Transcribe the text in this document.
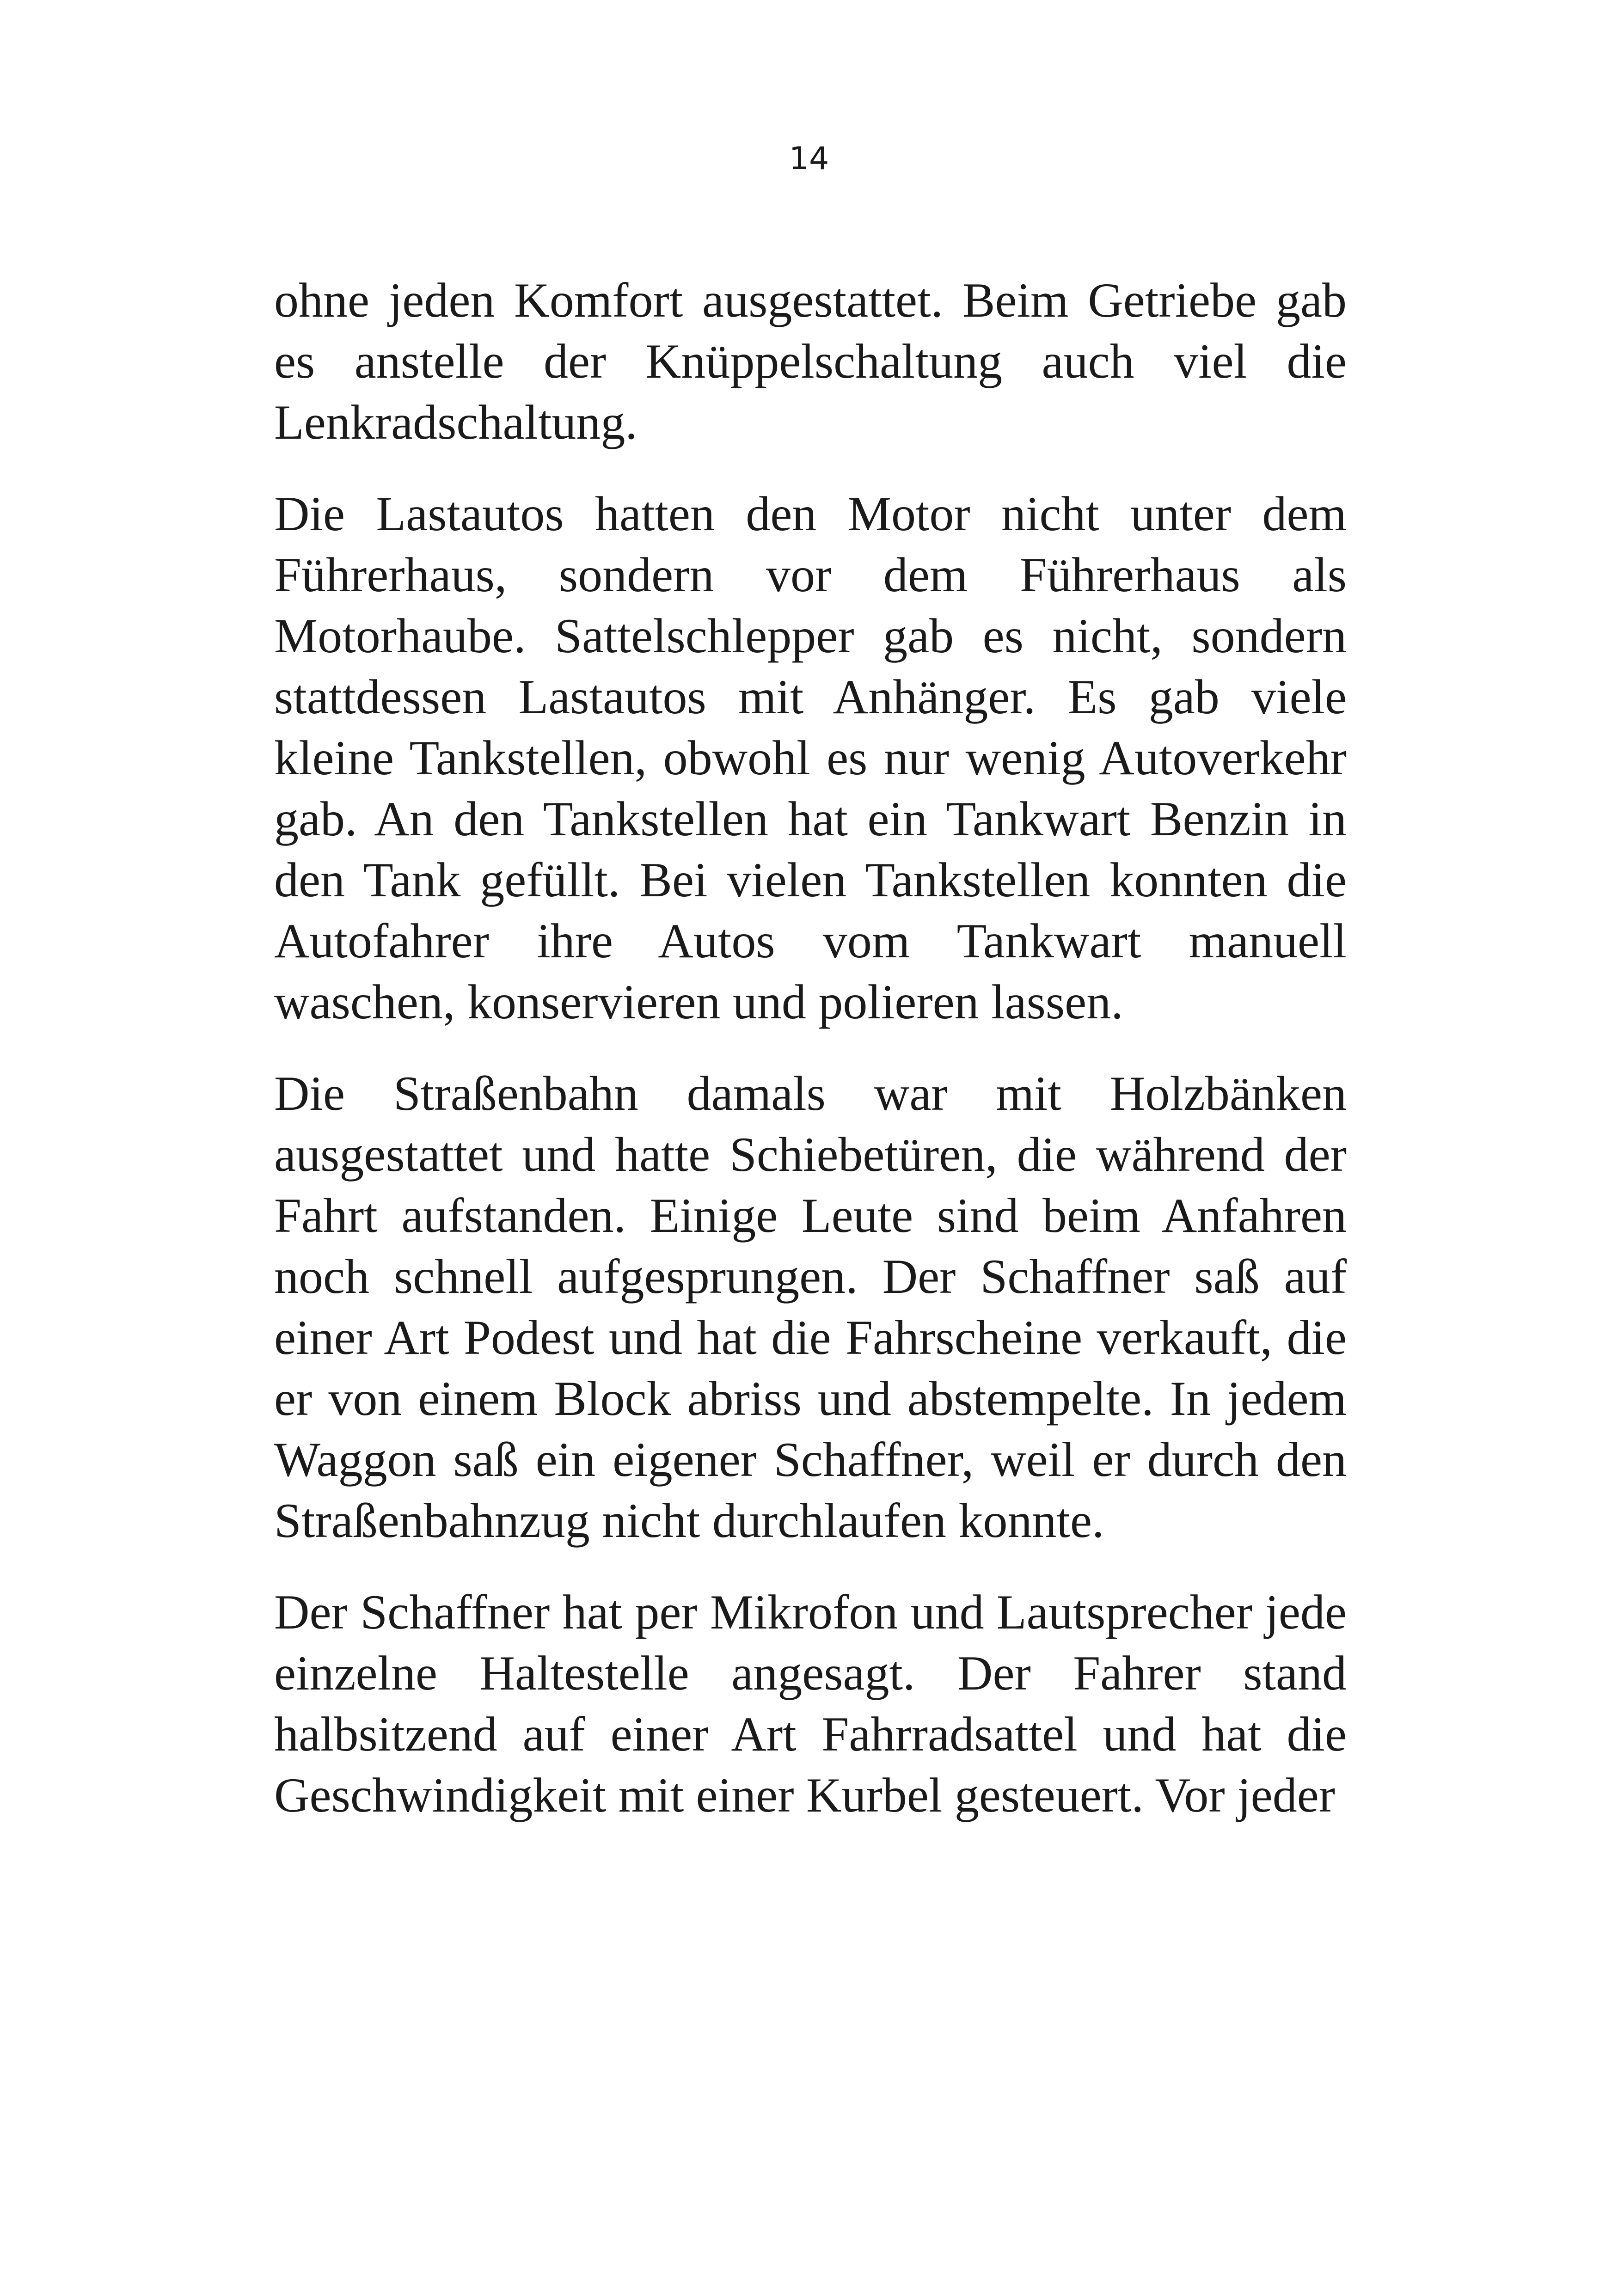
14

ohne jeden Komfort ausgestattet. Beim Getriebe gab es anstelle der Knüppelschaltung auch viel die Lenkradschaltung.

Die Lastautos hatten den Motor nicht unter dem Führerhaus, sondern vor dem Führerhaus als Motorhaube. Sattelschlepper gab es nicht, sondern stattdessen Lastautos mit Anhänger. Es gab viele kleine Tankstellen, obwohl es nur wenig Autoverkehr gab. An den Tankstellen hat ein Tankwart Benzin in den Tank gefüllt. Bei vielen Tankstellen konnten die Autofahrer ihre Autos vom Tankwart manuell waschen, konservieren und polieren lassen.

Die Straßenbahn damals war mit Holzbänken ausgestattet und hatte Schiebetüren, die während der Fahrt aufstanden. Einige Leute sind beim Anfahren noch schnell aufgesprungen. Der Schaffner saß auf einer Art Podest und hat die Fahrscheine verkauft, die er von einem Block abriss und abstempelte. In jedem Waggon saß ein eigener Schaffner, weil er durch den Straßenbahnzug nicht durchlaufen konnte.

Der Schaffner hat per Mikrofon und Lautsprecher jede einzelne Haltestelle angesagt. Der Fahrer stand halbsitzend auf einer Art Fahrradsattel und hat die Geschwindigkeit mit einer Kurbel gesteuert. Vor jeder
